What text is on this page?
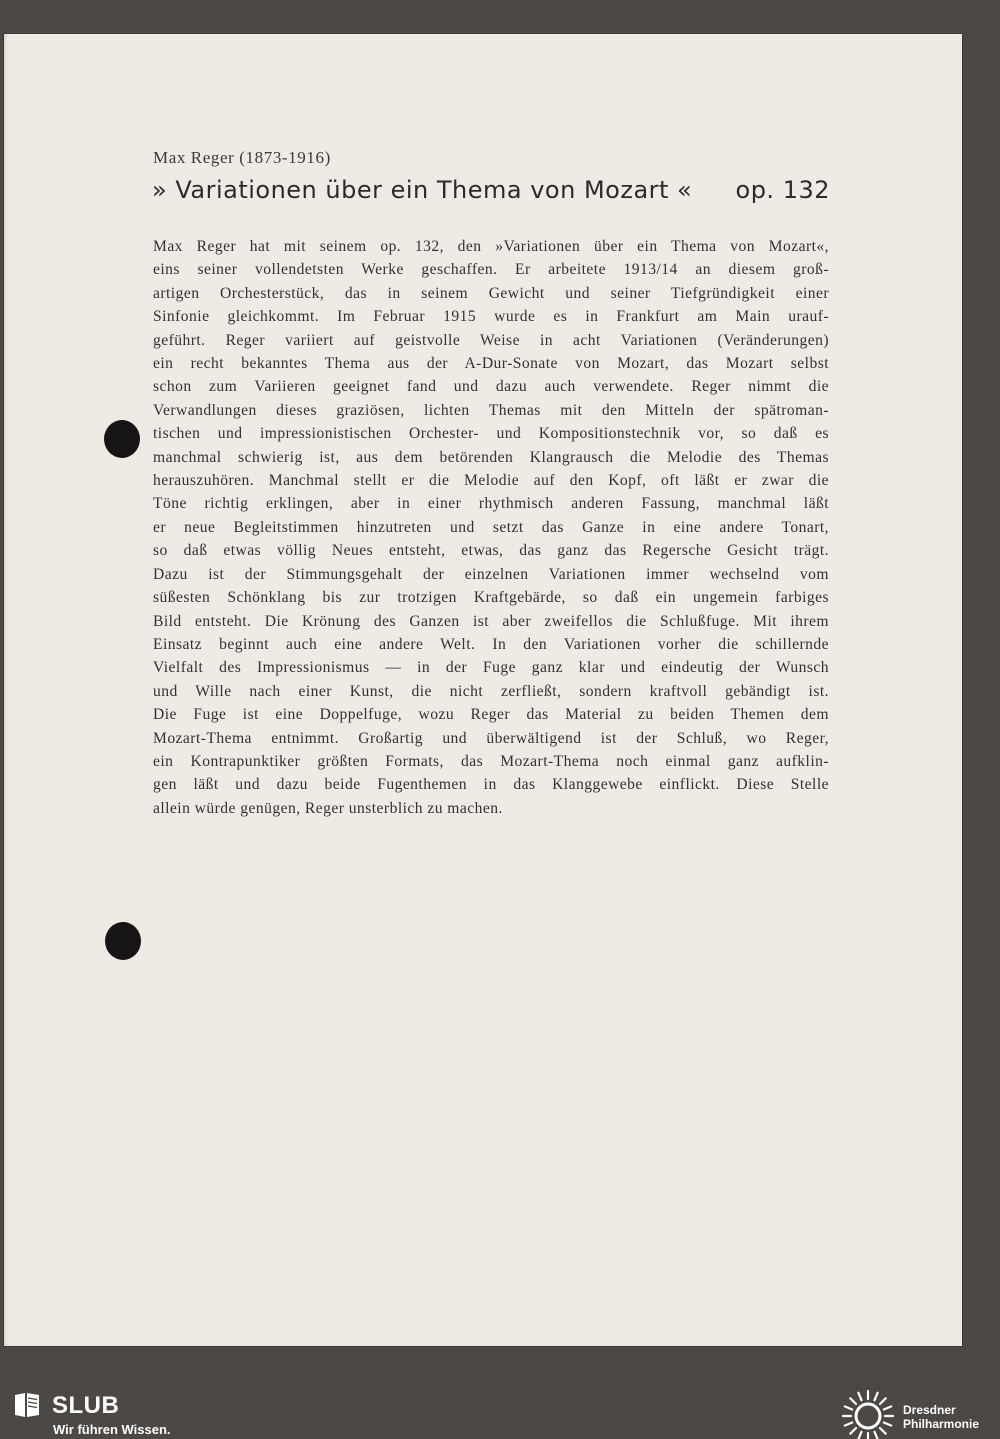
Max Reger (1873-1916)

» Variationen über ein Thema von Mozart « op. 132

Max Reger hat mit seinem op. 132, den »Variationen über ein Thema von Mozart«,
eins seiner vollendetsten Werke geschaffen. Er arbeitete 1913/14 an diesem groß-
artigen Orchesterstück, das in seinem Gewicht und seiner Tiefgründigkeit einer
Sinfonie gleichkommt. Im Februar 1915 wurde es in Frankfurt am Main urauf-
geführt. Reger variiert auf geistvolle Weise in acht Variationen (Veränderungen)
ein recht bekanntes Thema aus der A-Dur-Sonate von Mozart, das Mozart selbst
schon zum Variieren geeignet fand und dazu auch verwendete. Reger nimmt die
Verwandlungen dieses graziösen, lichten Themas mit den Mitteln der spätroman-
tischen und impressionistischen Orchester- und Kompositionstechnik vor, so daß es
manchmal schwierig ist, aus dem betörenden Klangrausch die Melodie des Themas
herauszuhören. Manchmal stellt er die Melodie auf den Kopf, oft läßt er zwar die
Töne richtig erklingen, aber in einer rhythmisch anderen Fassung, manchmal läßt
er neue Begleitstimmen hinzutreten und setzt das Ganze in eine andere Tonart,
so daß etwas völlig Neues entsteht, etwas, das ganz das Regersche Gesicht trägt.
Dazu ist der Stimmungsgehalt der einzelnen Variationen immer wechselnd vom
süßesten Schönklang bis zur trotzigen Kraftgebärde, so daß ein ungemein farbiges
Bild entsteht. Die Krönung des Ganzen ist aber zweifellos die Schlußfuge. Mit ihrem
Einsatz beginnt auch eine andere Welt. In den Variationen vorher die schillernde
Vielfalt des Impressionismus — in der Fuge ganz klar und eindeutig der Wunsch
und Wille nach einer Kunst, die nicht zerfließt, sondern kraftvoll gebändigt ist.
Die Fuge ist eine Doppelfuge, wozu Reger das Material zu beiden Themen dem
Mozart-Thema entnimmt. Großartig und überwältigend ist der Schluß, wo Reger,
ein Kontrapunktiker größten Formats, das Mozart-Thema noch einmal ganz aufklin-
gen läßt und dazu beide Fugenthemen in das Klanggewebe einflickt. Diese Stelle
allein würde genügen, Reger unsterblich zu machen.

SLUB
Wir führen Wissen.
Dresdner
Philharmonie
